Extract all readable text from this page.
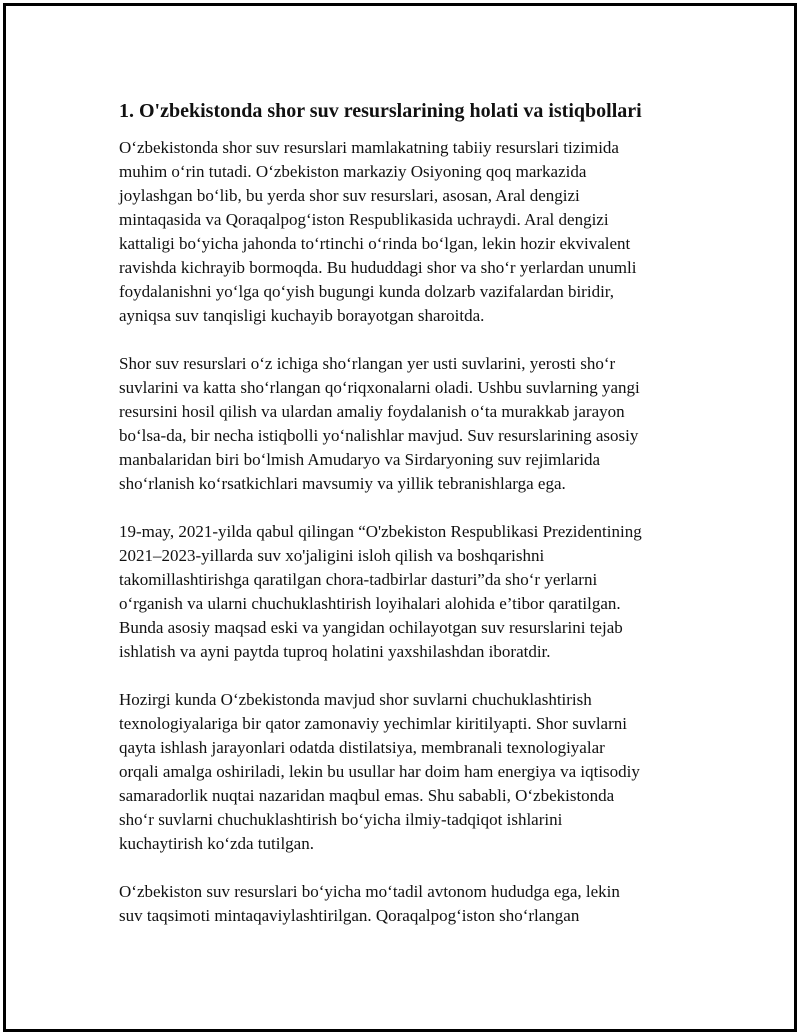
1. O'zbekistonda shor suv resurslarining holati va istiqbollari
O‘zbekistonda shor suv resurslari mamlakatning tabiiy resurslari tizimida
muhim o‘rin tutadi. O‘zbekiston markaziy Osiyoning qoq markazida
joylashgan bo‘lib, bu yerda shor suv resurslari, asosan, Aral dengizi
mintaqasida va Qoraqalpog‘iston Respublikasida uchraydi. Aral dengizi
kattaligi bo‘yicha jahonda to‘rtinchi o‘rinda bo‘lgan, lekin hozir ekvivalent
ravishda kichrayib bormoqda. Bu hududdagi shor va sho‘r yerlardan unumli
foydalanishni yo‘lga qo‘yish bugungi kunda dolzarb vazifalardan biridir,
ayniqsa suv tanqisligi kuchayib borayotgan sharoitda.
Shor suv resurslari o‘z ichiga sho‘rlangan yer usti suvlarini, yerosti sho‘r
suvlarini va katta sho‘rlangan qo‘riqxonalarni oladi. Ushbu suvlarning yangi
resursini hosil qilish va ulardan amaliy foydalanish o‘ta murakkab jarayon
bo‘lsa-da, bir necha istiqbolli yo‘nalishlar mavjud. Suv resurslarining asosiy
manbalaridan biri bo‘lmish Amudaryo va Sirdaryoning suv rejimlarida
sho‘rlanish ko‘rsatkichlari mavsumiy va yillik tebranishlarga ega.
19-may, 2021-yilda qabul qilingan “O'zbekiston Respublikasi Prezidentining
2021–2023-yillarda suv xo'jaligini isloh qilish va boshqarishni
takomillashtirishga qaratilgan chora-tadbirlar dasturi”da sho‘r yerlarni
o‘rganish va ularni chuchuklashtirish loyihalari alohida e’tibor qaratilgan.
Bunda asosiy maqsad eski va yangidan ochilayotgan suv resurslarini tejab
ishlatish va ayni paytda tuproq holatini yaxshilashdan iboratdir.
Hozirgi kunda O‘zbekistonda mavjud shor suvlarni chuchuklashtirish
texnologiyalariga bir qator zamonaviy yechimlar kiritilyapti. Shor suvlarni
qayta ishlash jarayonlari odatda distilatsiya, membranali texnologiyalar
orqali amalga oshiriladi, lekin bu usullar har doim ham energiya va iqtisodiy
samaradorlik nuqtai nazaridan maqbul emas. Shu sababli, O‘zbekistonda
sho‘r suvlarni chuchuklashtirish bo‘yicha ilmiy-tadqiqot ishlarini
kuchaytirish ko‘zda tutilgan.
O‘zbekiston suv resurslari bo‘yicha mo‘tadil avtonom hududga ega, lekin
suv taqsimoti mintaqaviylashtirilgan. Qoraqalpog‘iston sho‘rlangan
